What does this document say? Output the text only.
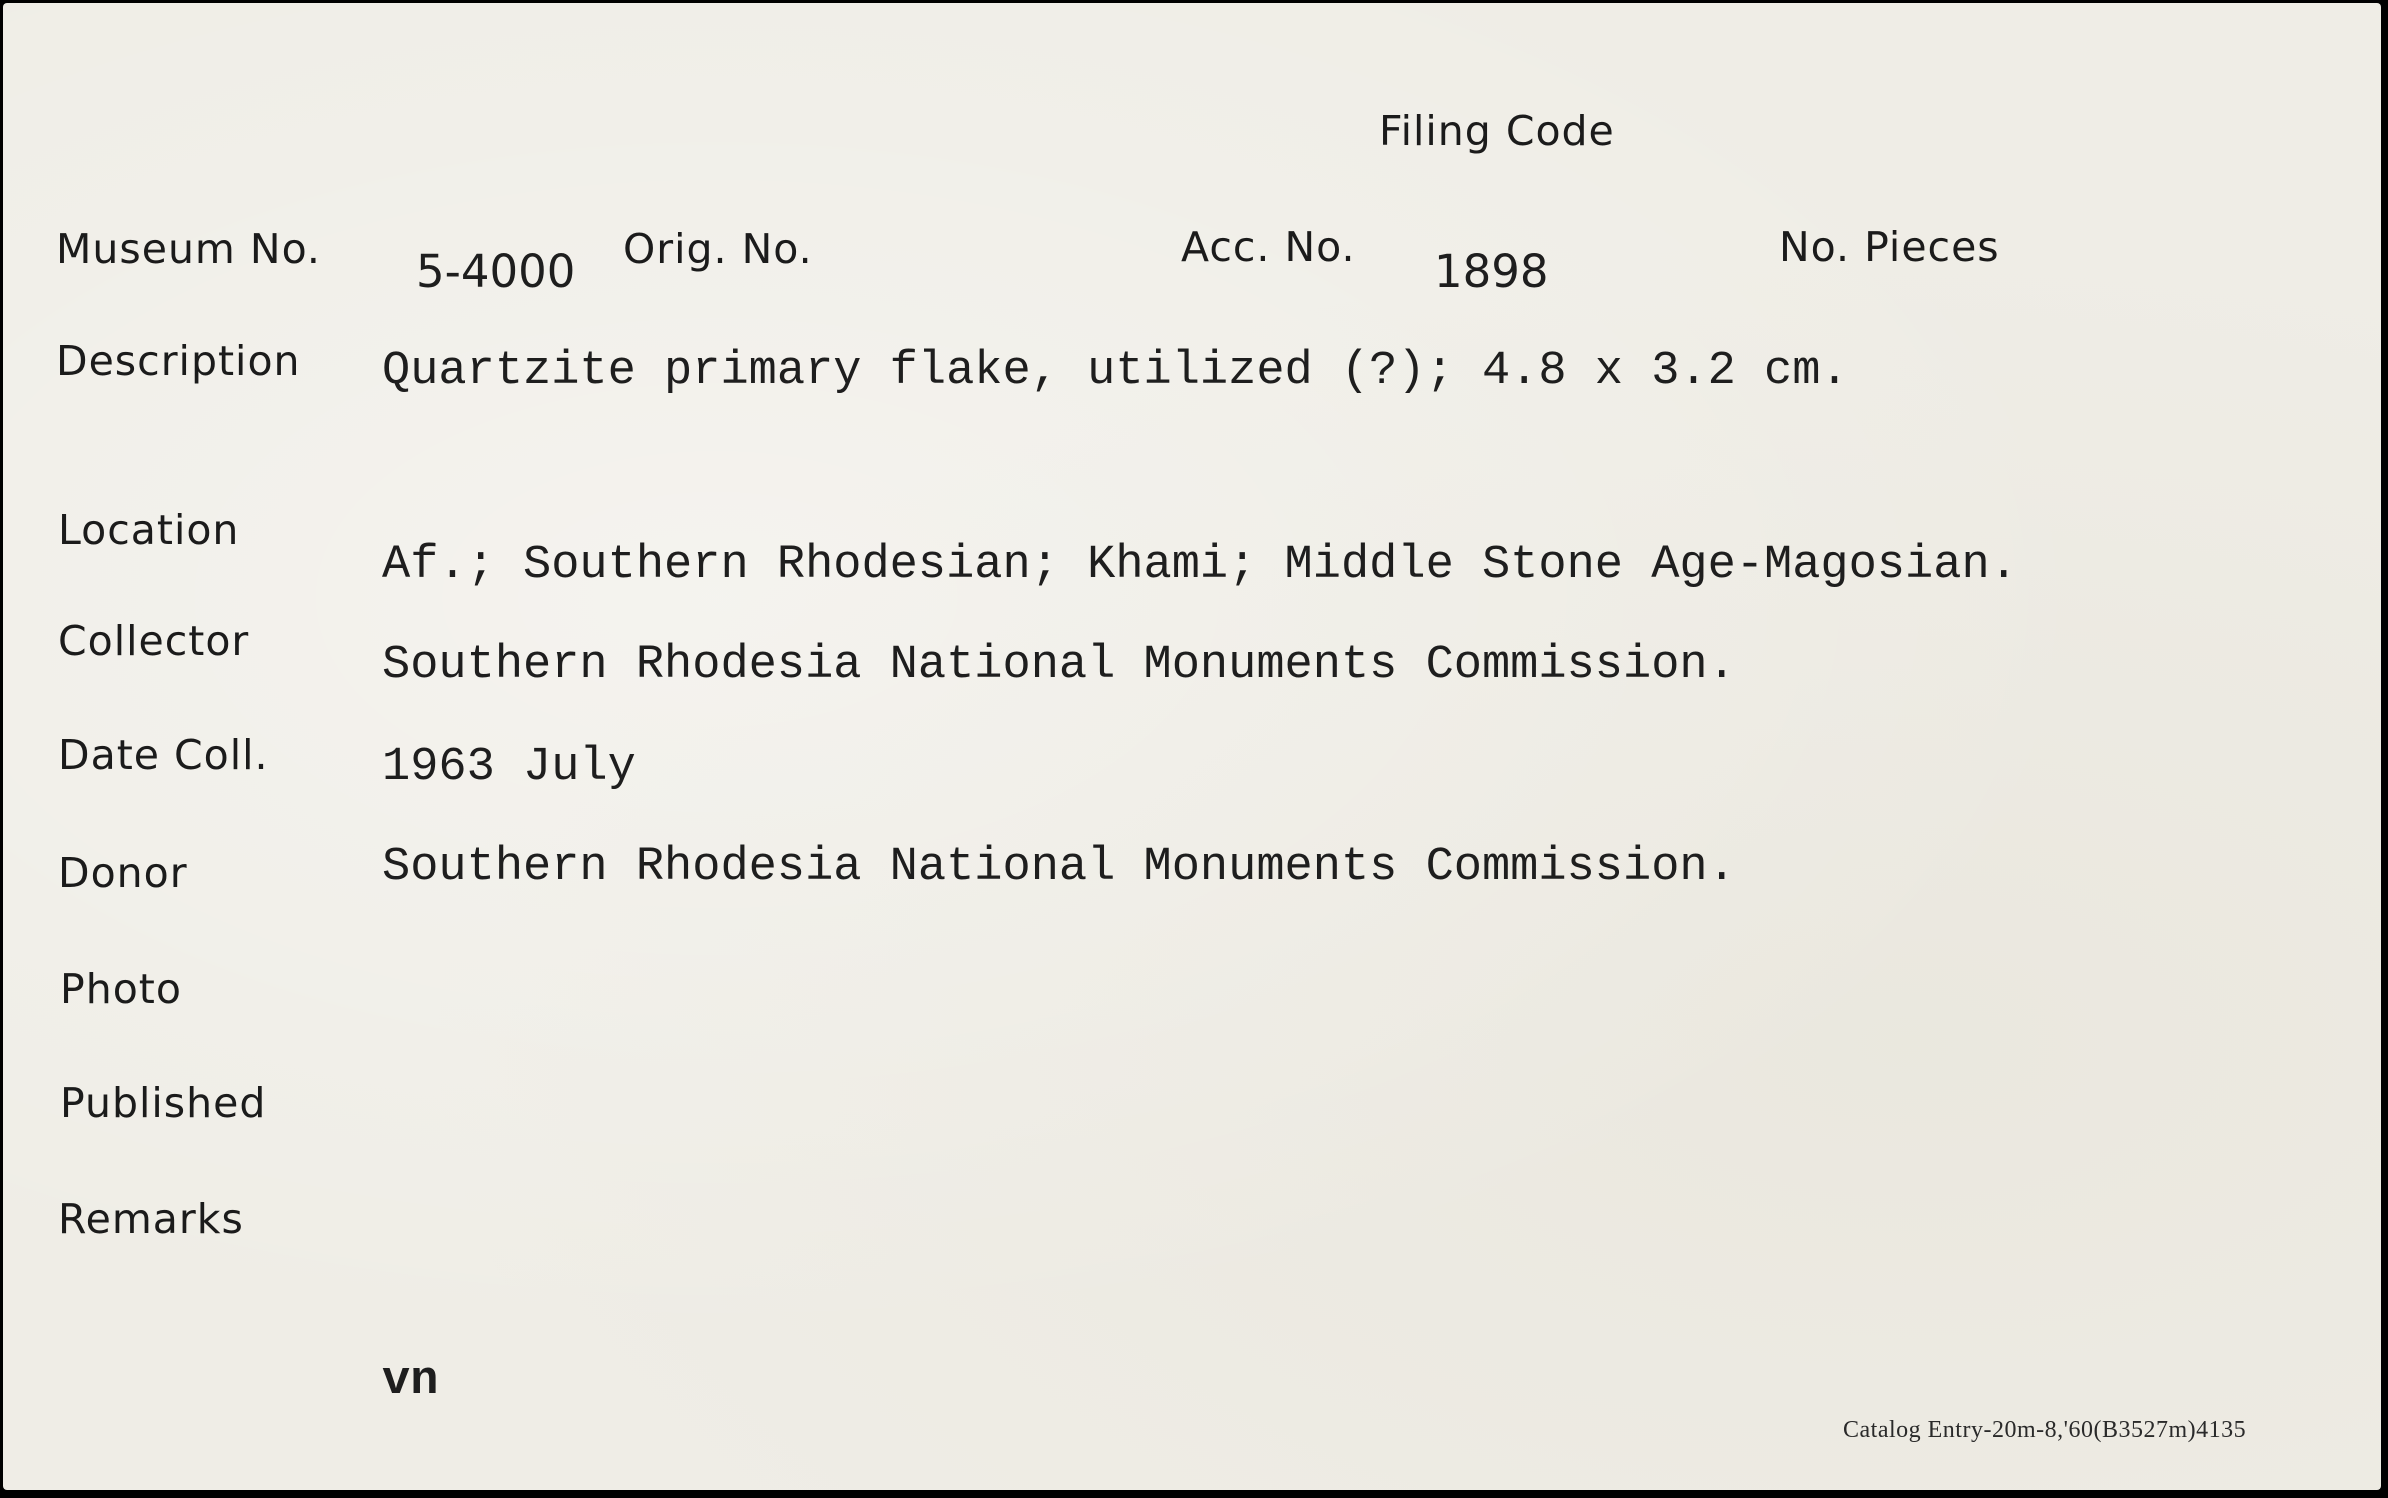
Filing Code
Museum No. 5-4000 Orig. No.	Acc. No. 1898	No. Pieces
Description Quartzite primary flake, utilized (?); 4.8 x 3.2 cm.
Location
Af.; Southern Rhodesian; Khami; Middle Stone Age-Magosian.
Collector	Southern Rhodesia National Monuments Commission.
Date Coll. 1963 July
Donor	Southern Rhodesia National Monuments Commission.
Photo
Published
Remarks
vn
Catalog Entry-20m-8,'60(B3527m)4135
